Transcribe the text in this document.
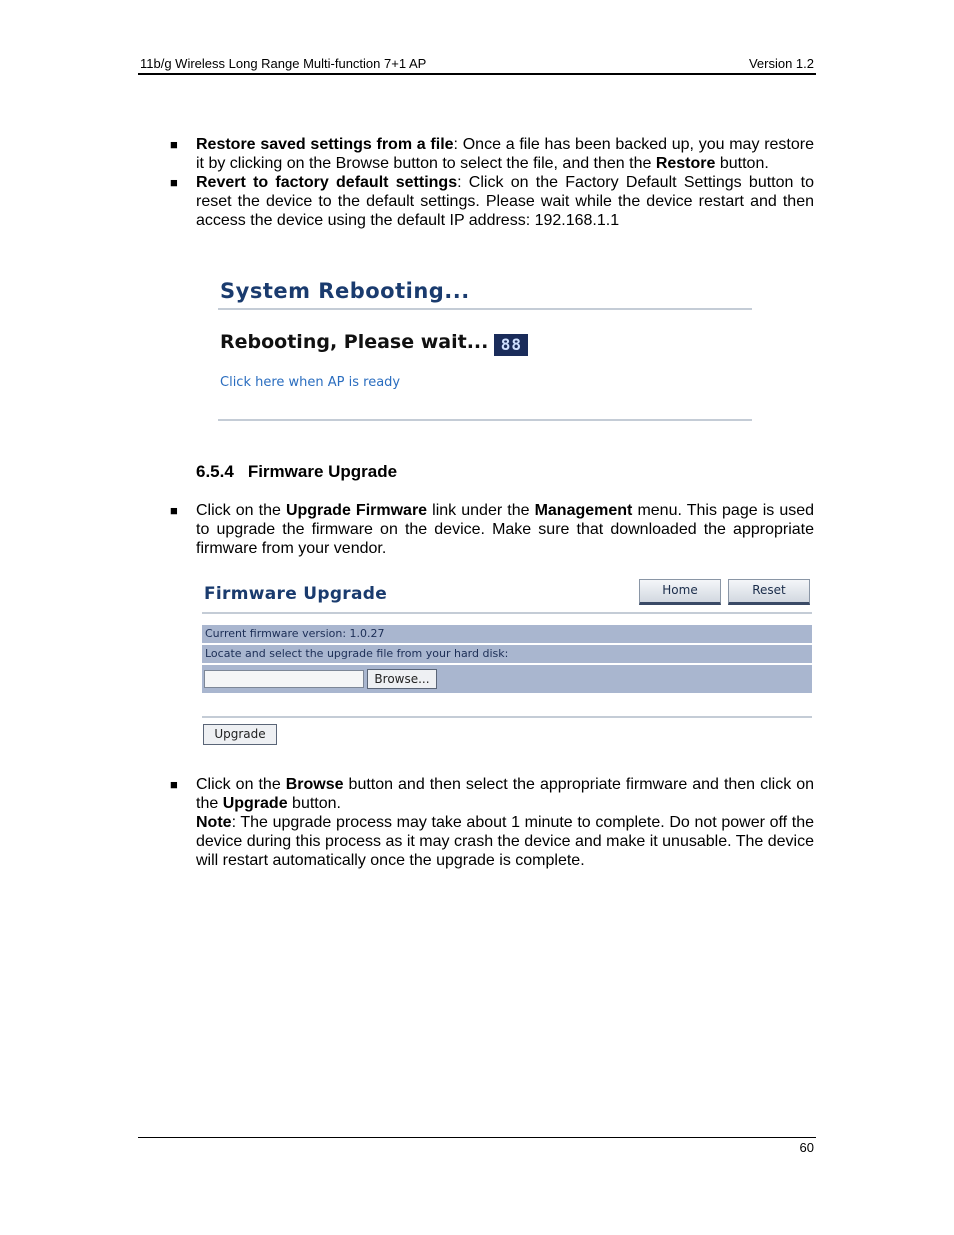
11b/g Wireless Long Range Multi-function 7+1 AP	Version 1.2
■ Restore saved settings from a file: Once a file has been backed up, you may restore it by clicking on the Browse button to select the file, and then the Restore button.
■ Revert to factory default settings: Click on the Factory Default Settings button to reset the device to the default settings. Please wait while the device restart and then access the device using the default IP address: 192.168.1.1
System Rebooting...
Rebooting, Please wait... 88
Click here when AP is ready
6.5.4 Firmware Upgrade
■ Click on the Upgrade Firmware link under the Management menu. This page is used to upgrade the firmware on the device. Make sure that downloaded the appropriate firmware from your vendor.
Firmware Upgrade	Home	Reset
Current firmware version: 1.0.27
Locate and select the upgrade file from your hard disk:
Browse...
Upgrade
■ Click on the Browse button and then select the appropriate firmware and then click on the Upgrade button.
Note: The upgrade process may take about 1 minute to complete. Do not power off the device during this process as it may crash the device and make it unusable. The device will restart automatically once the upgrade is complete.
60
